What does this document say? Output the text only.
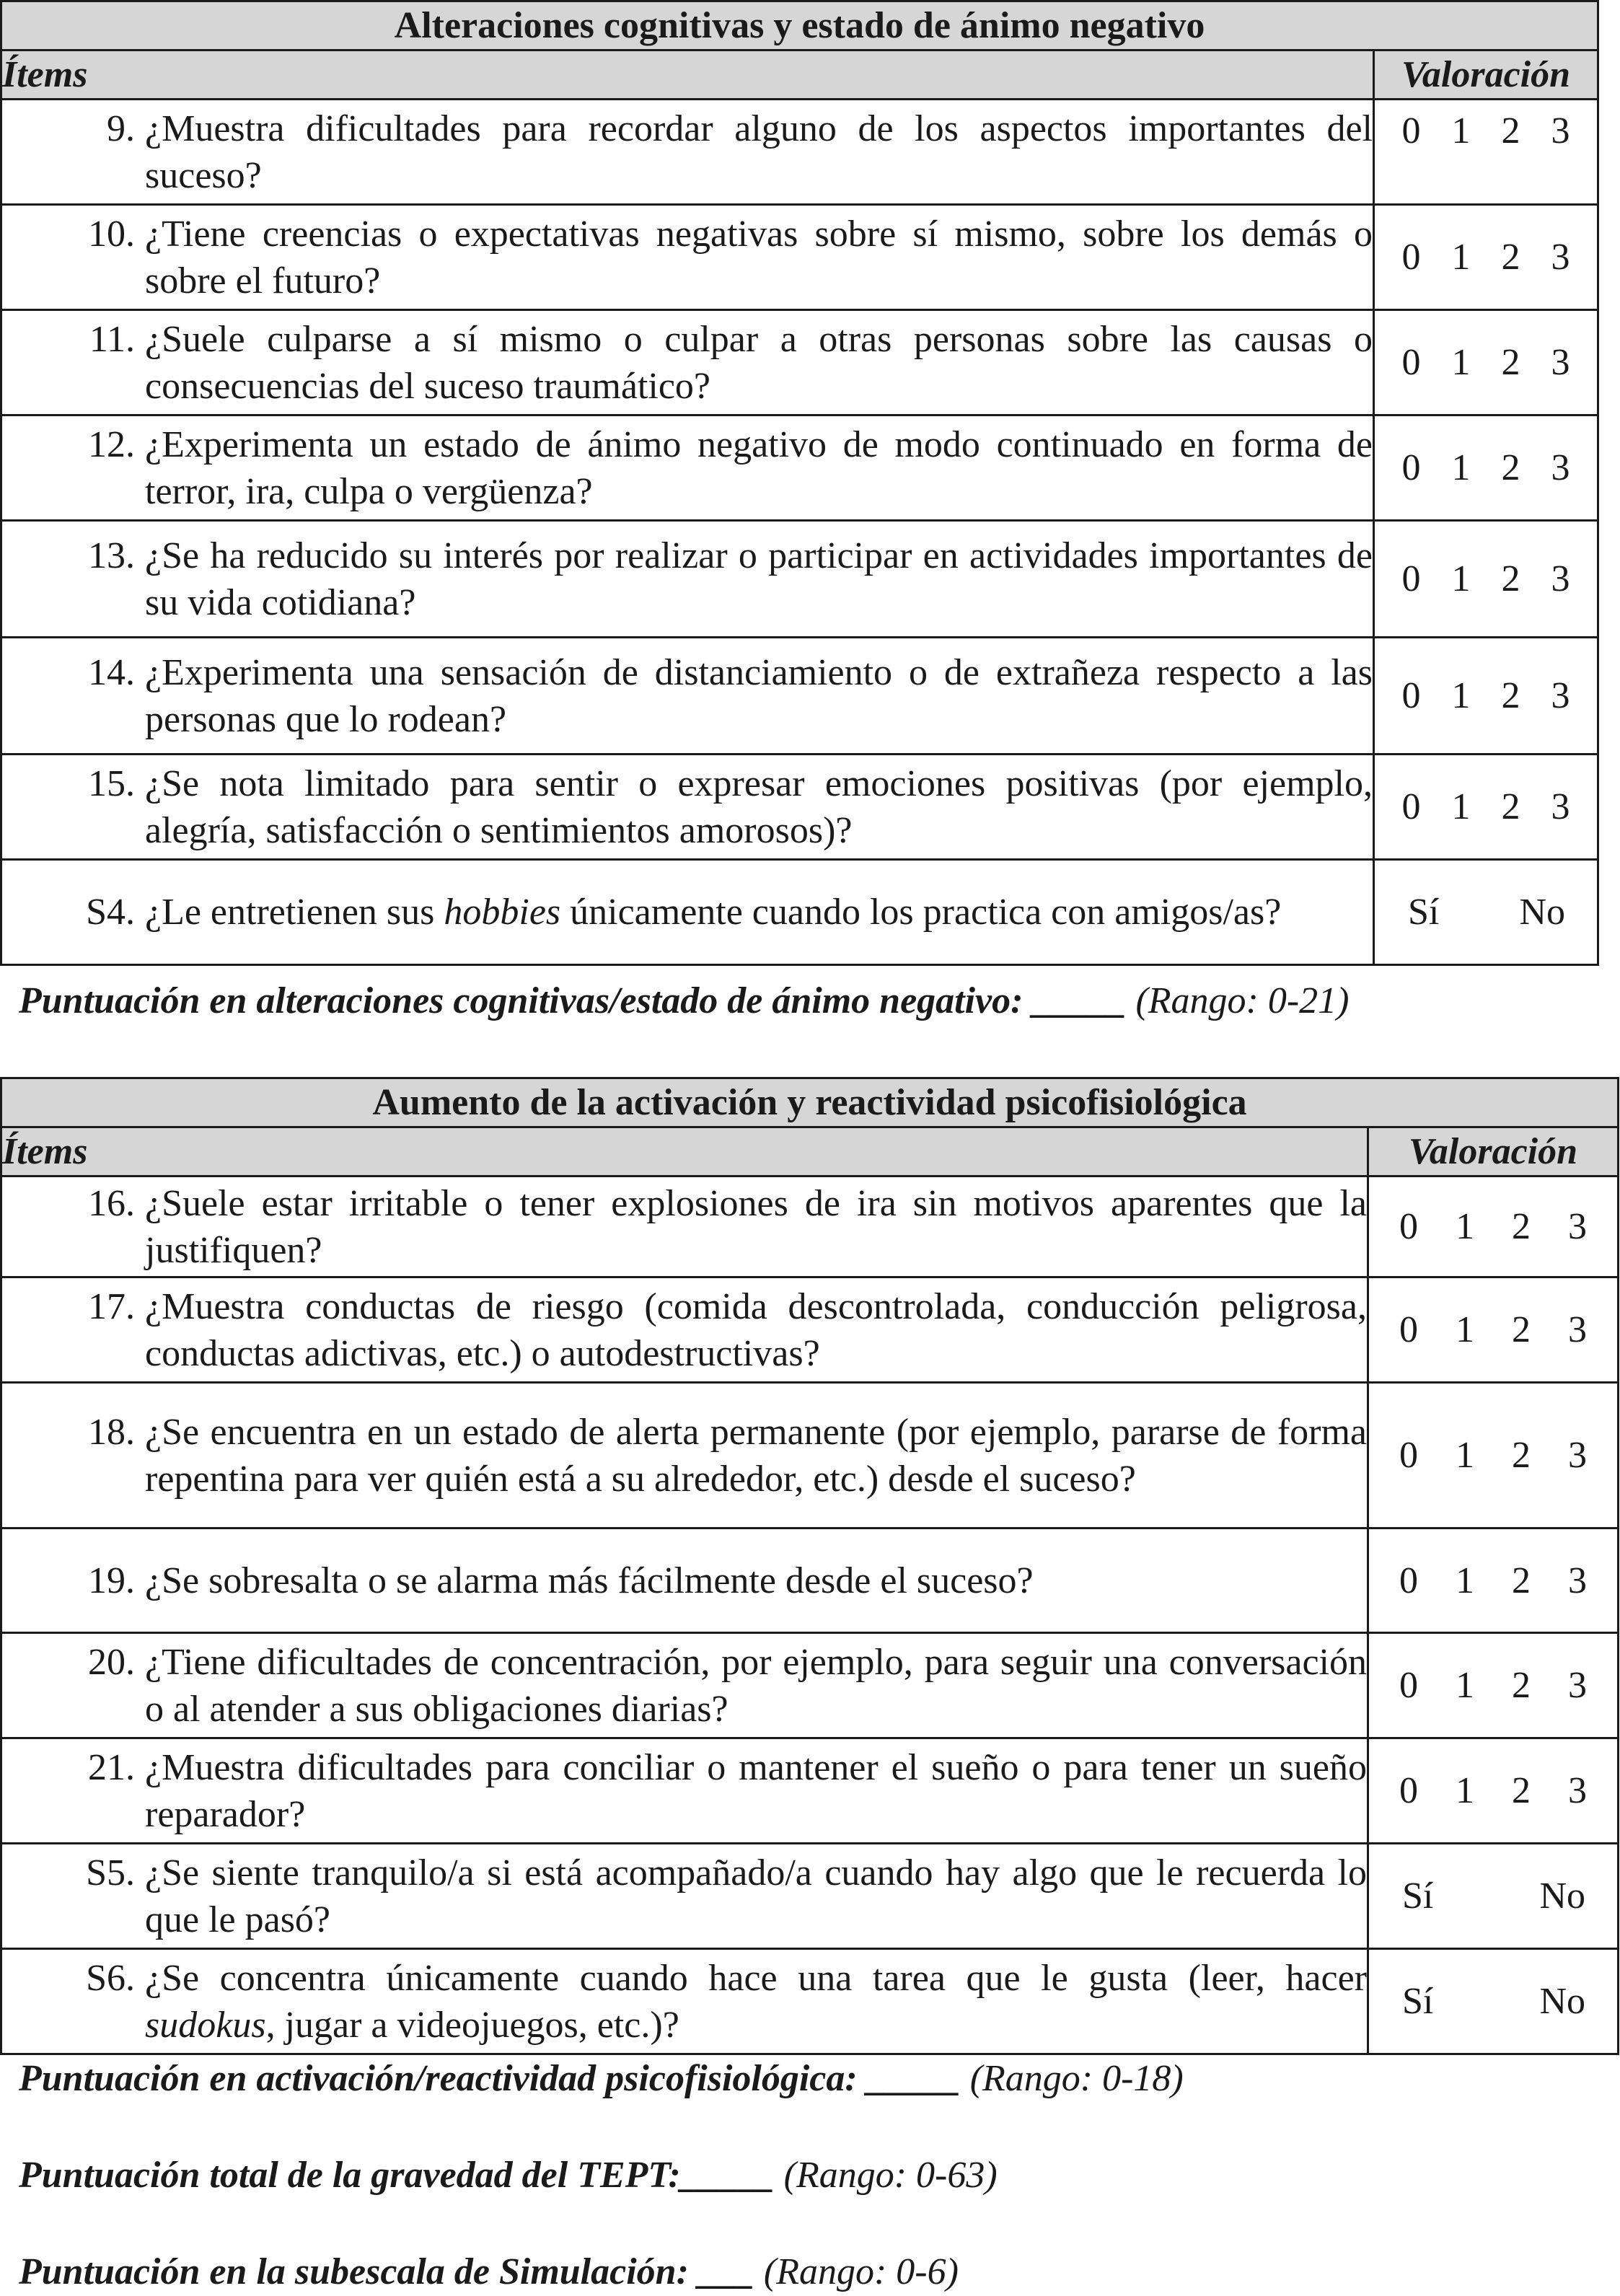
Alteraciones cognitivas y estado de ánimo negativo	
Ítems	Valoración

9. ¿Muestra dificultades para recordar alguno de los aspectos importantes del suceso?	0 1 2 3

10. ¿Tiene creencias o expectativas negativas sobre sí mismo, sobre los demás o sobre el futuro?	0 1 2 3

11. ¿Suele culparse a sí mismo o culpar a otras personas sobre las causas o consecuencias del suceso traumático?	0 1 2 3

12. ¿Experimenta un estado de ánimo negativo de modo continuado en forma de terror, ira, culpa o vergüenza?	0 1 2 3

13. ¿Se ha reducido su interés por realizar o participar en actividades importantes de su vida cotidiana?	0 1 2 3

14. ¿Experimenta una sensación de distanciamiento o de extrañeza respecto a las personas que lo rodean?	0 1 2 3

15. ¿Se nota limitado para sentir o expresar emociones positivas (por ejemplo, alegría, satisfacción o sentimientos amorosos)?	0 1 2 3

S4. ¿Le entretienen sus hobbies únicamente cuando los practica con amigos/as?	Sí No
Puntuación en alteraciones cognitivas/estado de ánimo negativo: _____ (Rango: 0-21)
Aumento de la activación y reactividad psicofisiológica	
Ítems	Valoración

16. ¿Suele estar irritable o tener explosiones de ira sin motivos aparentes que la justifiquen?	0 1 2 3

17. ¿Muestra conductas de riesgo (comida descontrolada, conducción peligrosa, conductas adictivas, etc.) o autodestructivas?	0 1 2 3

18. ¿Se encuentra en un estado de alerta permanente (por ejemplo, pararse de forma repentina para ver quién está a su alrededor, etc.) desde el suceso?	0 1 2 3

19. ¿Se sobresalta o se alarma más fácilmente desde el suceso?	0 1 2 3

20. ¿Tiene dificultades de concentración, por ejemplo, para seguir una conversación o al atender a sus obligaciones diarias?	0 1 2 3

21. ¿Muestra dificultades para conciliar o mantener el sueño o para tener un sueño reparador?	0 1 2 3

S5. ¿Se siente tranquilo/a si está acompañado/a cuando hay algo que le recuerda lo que le pasó?	Sí No

S6. ¿Se concentra únicamente cuando hace una tarea que le gusta (leer, hacer sudokus, jugar a videojuegos, etc.)?	Sí No
Puntuación en activación/reactividad psicofisiológica: _____ (Rango: 0-18)
Puntuación total de la gravedad del TEPT:_____ (Rango: 0-63)
Puntuación en la subescala de Simulación: ___ (Rango: 0-6)
